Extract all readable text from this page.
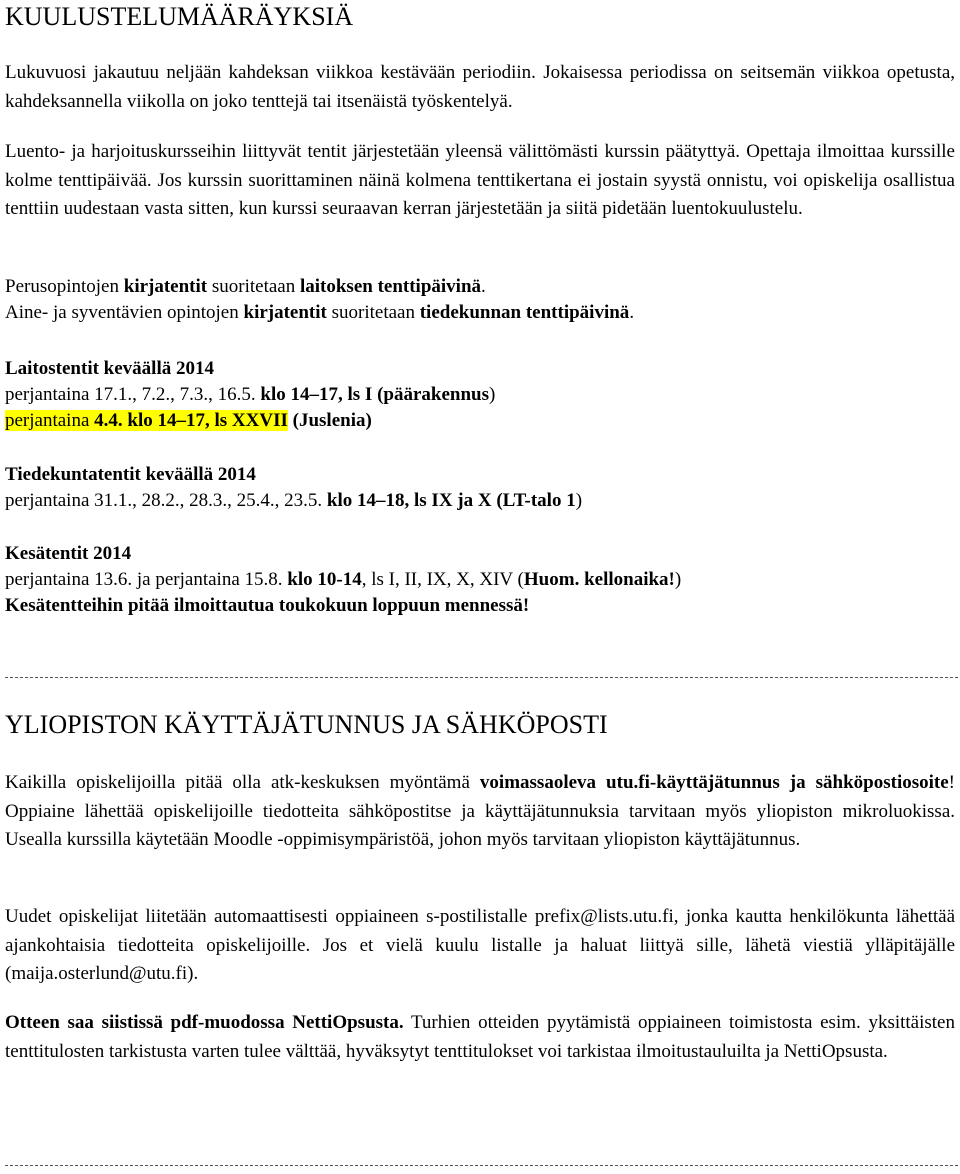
KUULUSTELUMÄÄRÄYKSIÄ
Lukuvuosi jakautuu neljään kahdeksan viikkoa kestävään periodiin. Jokaisessa periodissa on seitsemän viikkoa opetusta, kahdeksannella viikolla on joko tenttejä tai itsenäistä työskentelyä.
Luento- ja harjoituskursseihin liittyvät tentit järjestetään yleensä välittömästi kurssin päätyttyä. Opettaja ilmoittaa kurssille kolme tenttipäivää. Jos kurssin suorittaminen näinä kolmena tenttikertana ei jostain syystä onnistu, voi opiskelija osallistua tenttiin uudestaan vasta sitten, kun kurssi seuraavan kerran järjestetään ja siitä pidetään luentokuulustelu.
Perusopintojen kirjatentit suoritetaan laitoksen tenttipäivinä.
Aine- ja syventävien opintojen kirjatentit suoritetaan tiedekunnan tenttipäivinä.
Laitostentit keväällä 2014
perjantaina 17.1., 7.2., 7.3., 16.5. klo 14–17, ls I (päärakennus)
perjantaina 4.4. klo 14–17, ls XXVII (Juslenia)
Tiedekuntatentit keväällä 2014
perjantaina 31.1., 28.2., 28.3., 25.4., 23.5. klo 14–18, ls IX ja X (LT-talo 1)
Kesätentit 2014
perjantaina 13.6. ja perjantaina 15.8. klo 10-14, ls I, II, IX, X, XIV (Huom. kellonaika!)
Kesätentteihin pitää ilmoittautua toukokuun loppuun mennessä!
YLIOPISTON KÄYTTÄJÄTUNNUS JA SÄHKÖPOSTI
Kaikilla opiskelijoilla pitää olla atk-keskuksen myöntämä voimassaoleva utu.fi-käyttäjätunnus ja sähköpostiosoite! Oppiaine lähettää opiskelijoille tiedotteita sähköpostitse ja käyttäjätunnuksia tarvitaan myös yliopiston mikroluokissa. Usealla kurssilla käytetään Moodle -oppimisympäristöä, johon myös tarvitaan yliopiston käyttäjätunnus.
Uudet opiskelijat liitetään automaattisesti oppiaineen s-postilistalle prefix@lists.utu.fi, jonka kautta henkilökunta lähettää ajankohtaisia tiedotteita opiskelijoille. Jos et vielä kuulu listalle ja haluat liittyä sille, lähetä viestiä ylläpitäjälle (maija.osterlund@utu.fi).
Otteen saa siistissä pdf-muodossa NettiOpsusta. Turhien otteiden pyytämistä oppiaineen toimistosta esim. yksittäisten tenttitulosten tarkistusta varten tulee välttää, hyväksytyt tenttitulokset voi tarkistaa ilmoitustauluilta ja NettiOpsusta.
